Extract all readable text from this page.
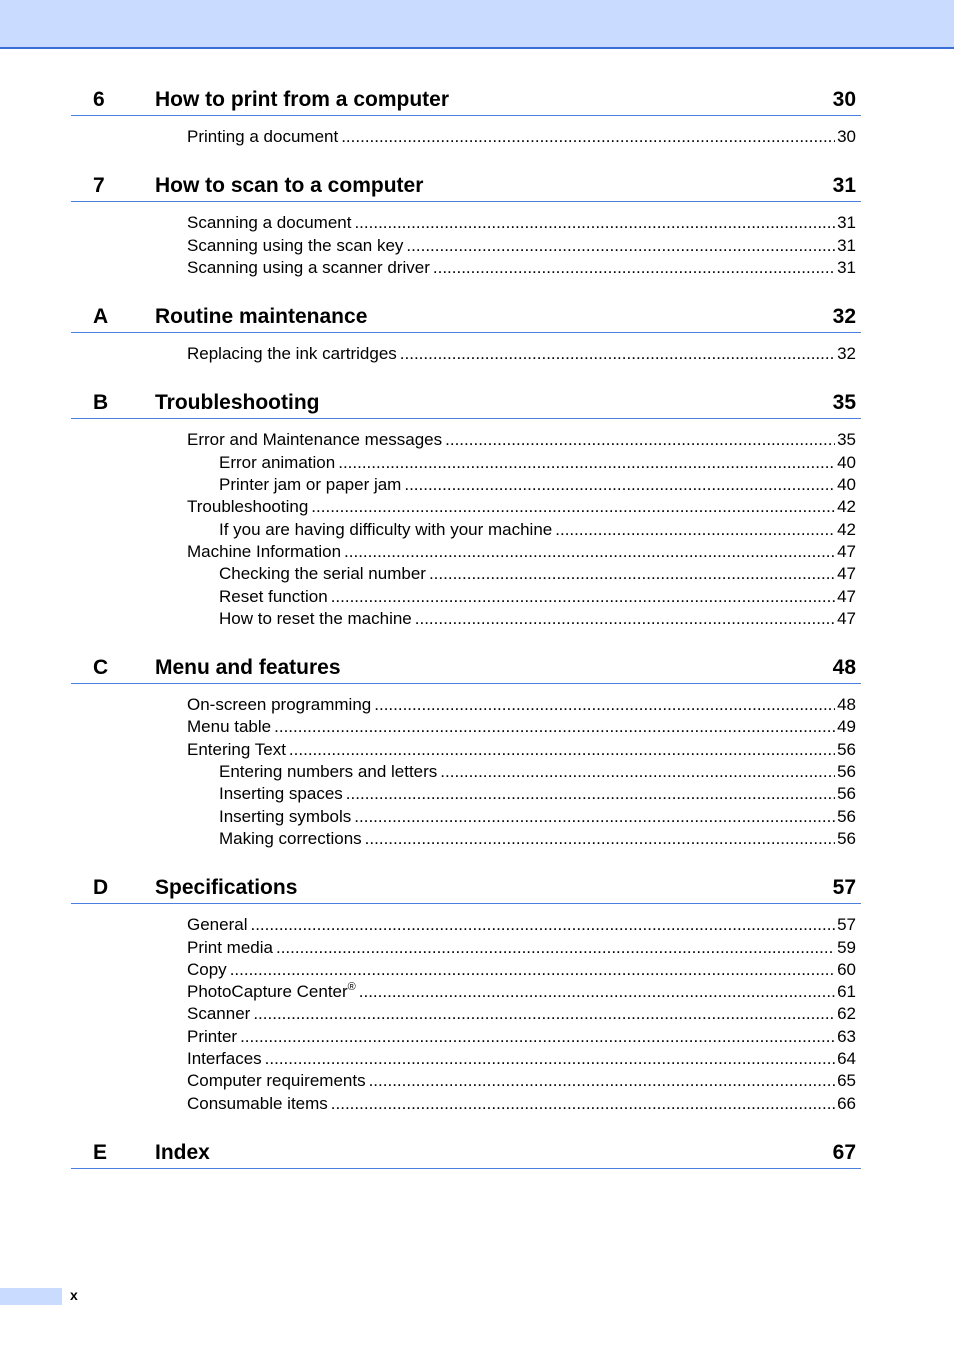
6 How to print from a computer	30
Printing a document .....	30
7 How to scan to a computer	31
Scanning a document .....	31
Scanning using the scan key .....	31
Scanning using a scanner driver .....	31
A Routine maintenance	32
Replacing the ink cartridges .....	32
B Troubleshooting	35
Error and Maintenance messages .....	35
Error animation .....	40
Printer jam or paper jam .....	40
Troubleshooting .....	42
If you are having difficulty with your machine .....	42
Machine Information .....	47
Checking the serial number .....	47
Reset function .....	47
How to reset the machine .....	47
C Menu and features	48
On-screen programming .....	48
Menu table .....	49
Entering Text .....	56
Entering numbers and letters .....	56
Inserting spaces .....	56
Inserting symbols .....	56
Making corrections .....	56
D Specifications	57
General .....	57
Print media .....	59
Copy .....	60
PhotoCapture Center® .....	61
Scanner .....	62
Printer .....	63
Interfaces .....	64
Computer requirements .....	65
Consumable items .....	66
E Index	67
x
